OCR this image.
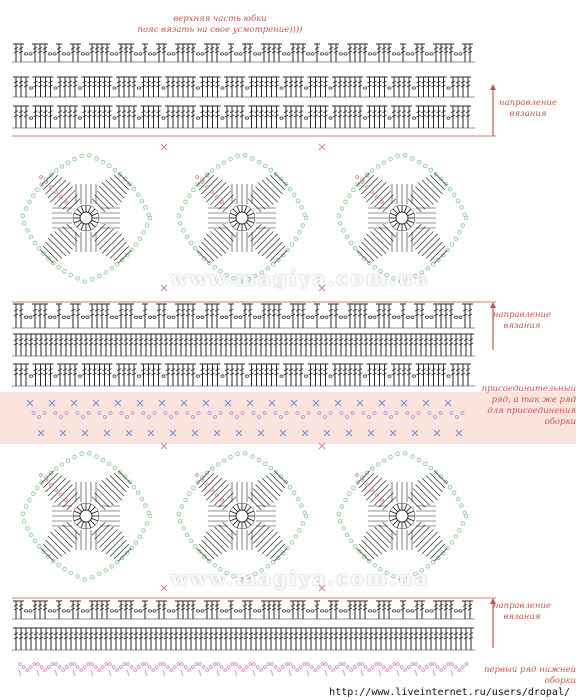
верхняя часть юбки
пояс вязать на свое усмотрение))))
направление
вязания
направление
вязания
направление
вязания
присоединительный
ряд, а так же ряд
для присоединения
оборки
первый ряд нижней
оборки
www.magiya.com.ua
www.magiya.com.ua
http://www.liveinternet.ru/users/dropal/
